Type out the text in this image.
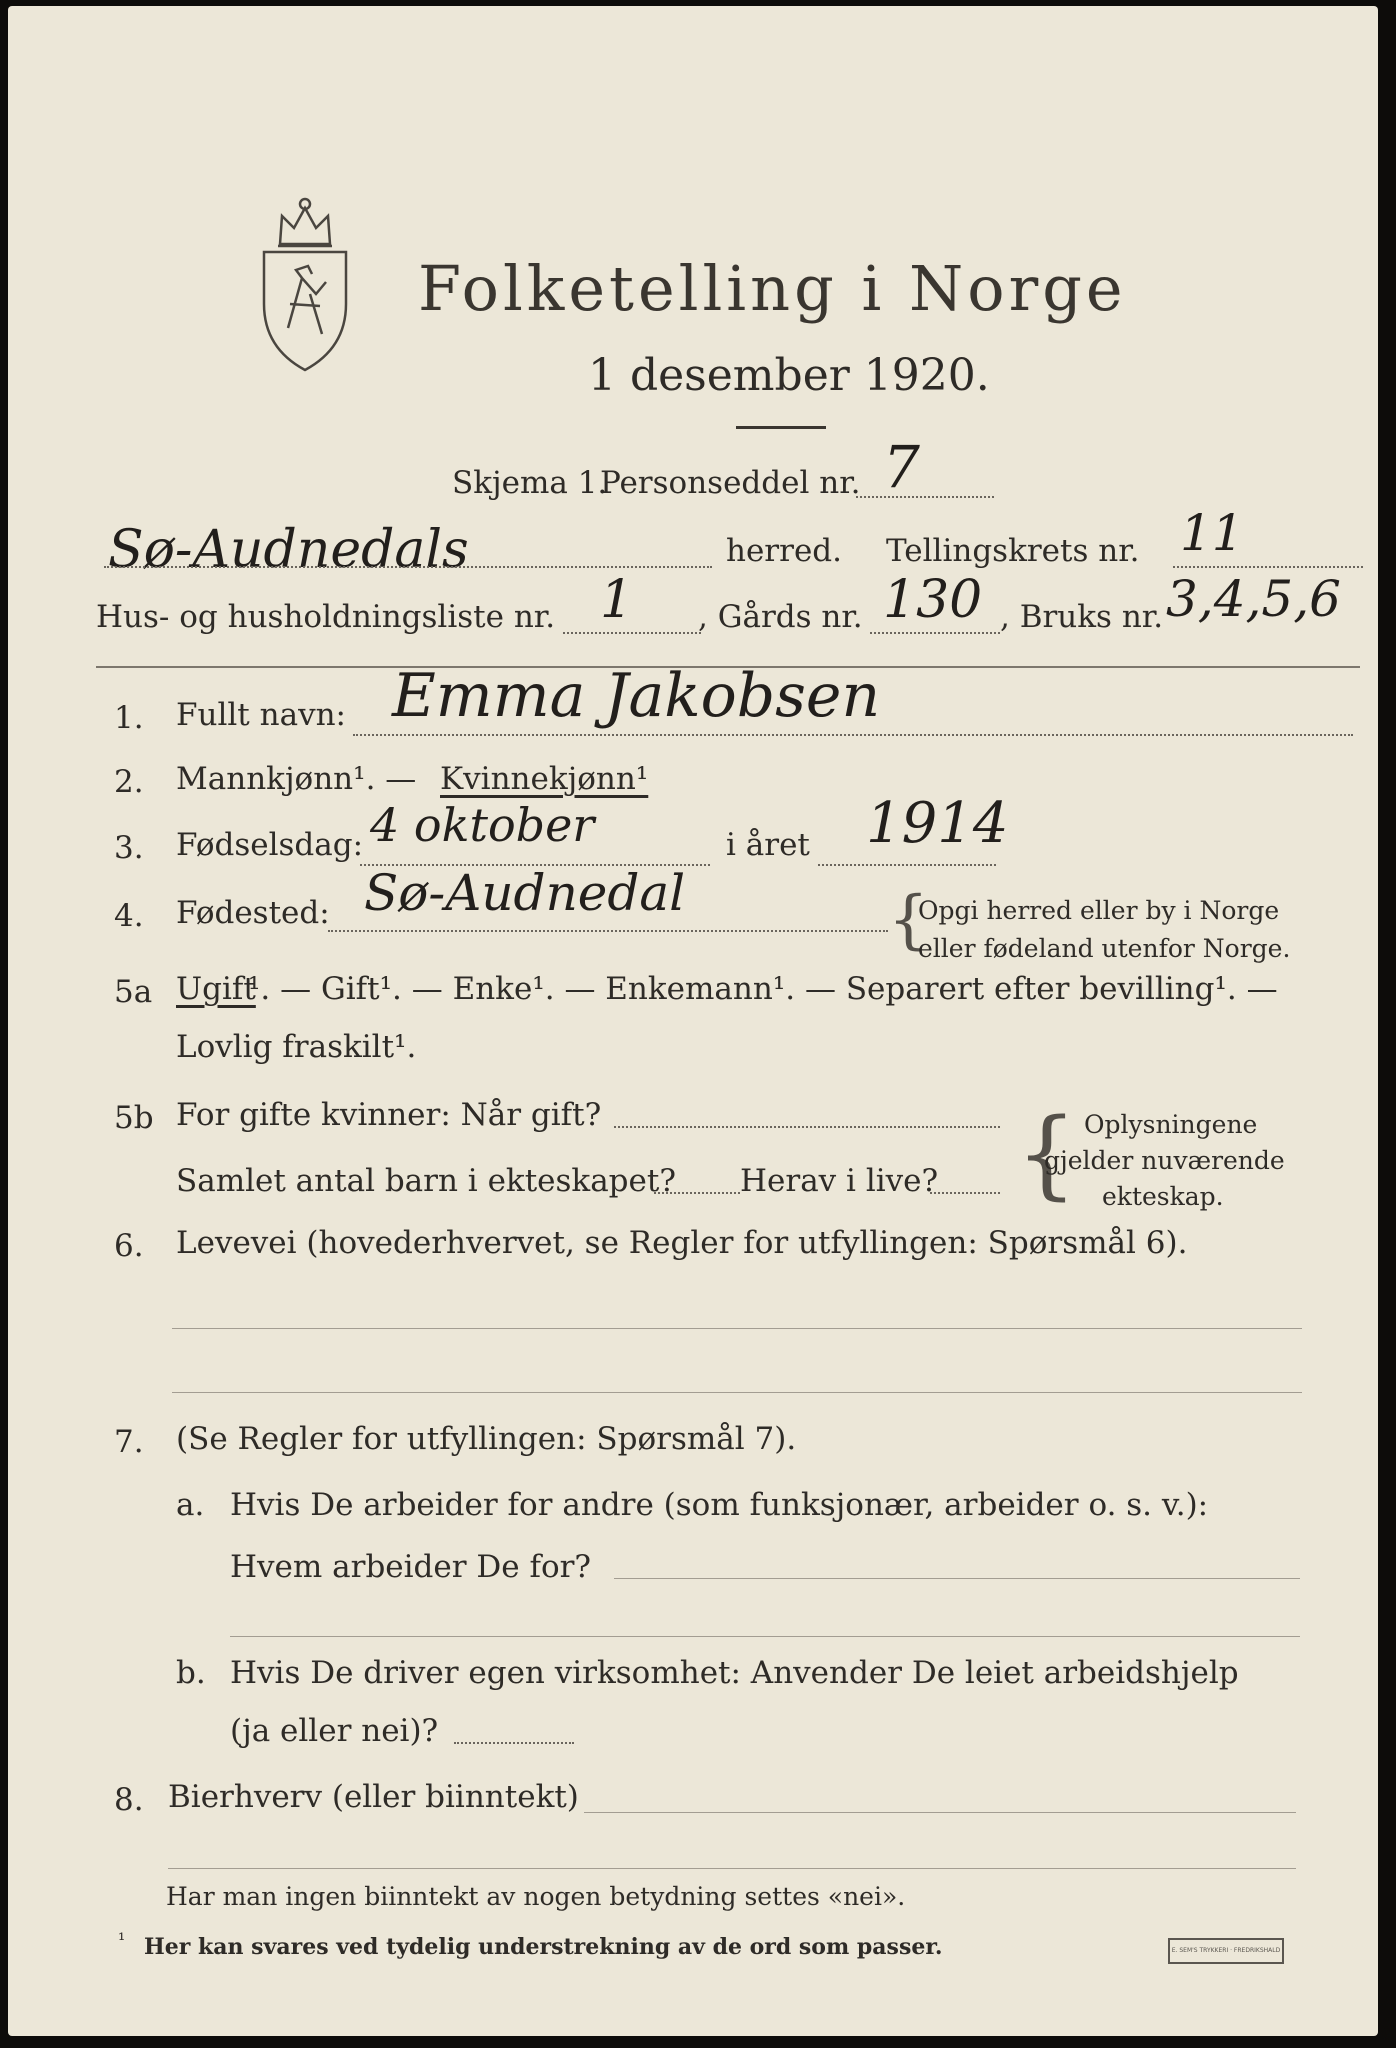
Folketelling i Norge
1 desember 1920.
Skjema 1.
Personseddel nr. 7
Sø-Audnedals	herred. Tellingskrets nr. 11
Hus- og husholdningsliste nr. 1 , Gårds nr. 130 , Bruks nr. 3,4,5,6
1. Fullt navn: Emma Jakobsen
2. Mannkjønn¹. — Kvinnekjønn¹
3. Fødselsdag: 4 oktober	i året 1914
4. Fødested: Sø-Audnedal	{
Opgi herred eller by i Norge
eller fødeland utenfor Norge.
5a Ugift
¹. — Gift¹. — Enke¹. — Enkemann¹. — Separert efter bevilling¹. —
Lovlig fraskilt¹.
5b For gifte kvinner: Når gift?
Samlet antal barn i ekteskapet? Herav i live? { Oplysningene
gjelder nuværende
ekteskap.
6. Levevei (hovederhvervet, se Regler for utfyllingen: Spørsmål 6).
7. (Se Regler for utfyllingen: Spørsmål 7).
a. Hvis De arbeider for andre (som funksjonær, arbeider o. s. v.):
Hvem arbeider De for?
b. Hvis De driver egen virksomhet: Anvender De leiet arbeidshjelp
(ja eller nei)?
8. Bierhverv (eller biinntekt)
Har man ingen biinntekt av nogen betydning settes «nei».
¹ Her kan svares ved tydelig understrekning av de ord som passer.	E. SEM'S TRYKKERI · FREDRIKSHALD
